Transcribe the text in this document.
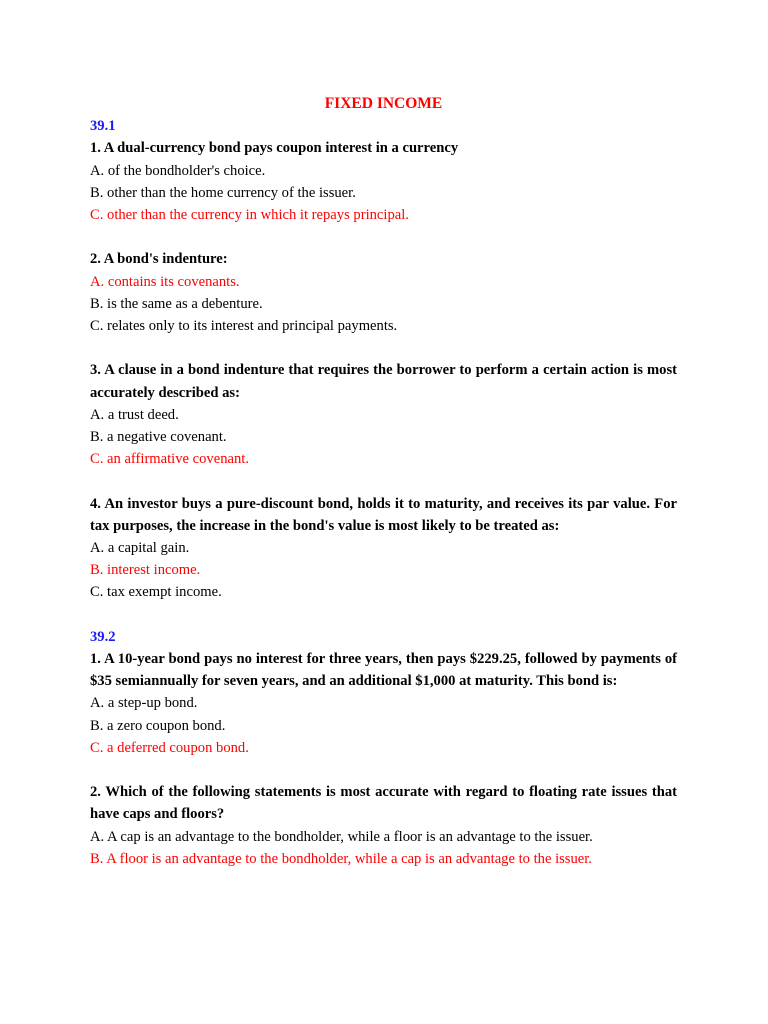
FIXED INCOME

39.1

1. A dual-currency bond pays coupon interest in a currency

A. of the bondholder's choice.

B. other than the home currency of the issuer.

C. other than the currency in which it repays principal.

2. A bond's indenture:

A. contains its covenants.

B. is the same as a debenture.

C. relates only to its interest and principal payments.

3. A clause in a bond indenture that requires the borrower to perform a certain action is most accurately described as:

A. a trust deed.

B. a negative covenant.

C. an affirmative covenant.

4. An investor buys a pure-discount bond, holds it to maturity, and receives its par value. For tax purposes, the increase in the bond's value is most likely to be treated as:

A. a capital gain.

B. interest income.

C. tax exempt income.

39.2

1. A 10-year bond pays no interest for three years, then pays $229.25, followed by payments of $35 semiannually for seven years, and an additional $1,000 at maturity. This bond is:

A. a step-up bond.

B. a zero coupon bond.

C. a deferred coupon bond.

2. Which of the following statements is most accurate with regard to floating rate issues that have caps and floors?

A. A cap is an advantage to the bondholder, while a floor is an advantage to the issuer.

B. A floor is an advantage to the bondholder, while a cap is an advantage to the issuer.
